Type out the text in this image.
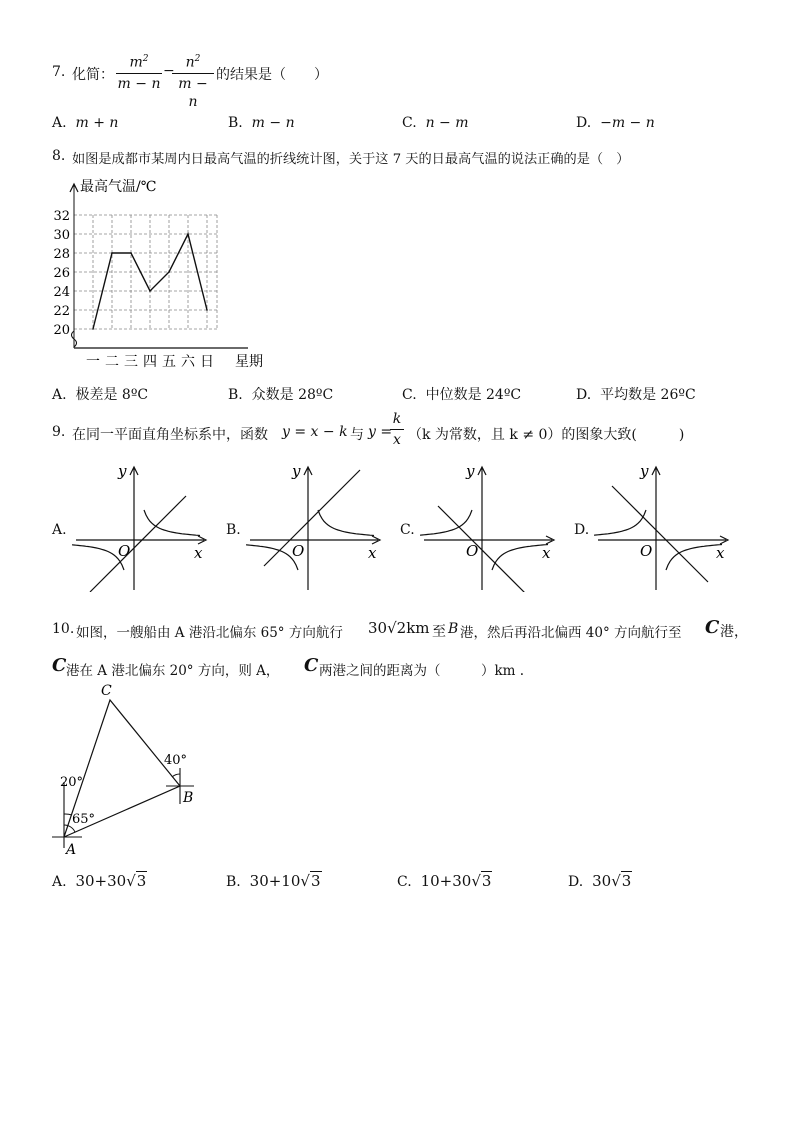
7. 化简：
$m^2$
m − n
−
$n^2$
m − n
的结果是（　　）
A. m + n	B. m − n	C. n − m	D. −m − n
8. 如图是成都市某周内日最高气温的折线统计图，关于这 7 天的日最高气温的说法正确的是（　）
20
22
24
26
28
30
32
一 二 三 四 五 六 日
最高气温/℃
星期
A. 极差是 8ºC	B. 众数是 28ºC	C. 中位数是 24ºC	D. 平均数是 26ºC
9. 在同一平面直角坐标系中，函数 y = x − k 与 y =
k
x （k 为常数，且 k ≠ 0）的图象大致(　　　)
A.
x
y
O
B.
x
y
O
C.
x
y
O
D.
x
y
O
10. 如图，一艘船由 A 港沿北偏东 65° 方向航行 30√2km 至 B 港，然后再沿北偏西 40° 方向航行至 C 港，
C 港在 A 港北偏东 20° 方向，则 A， C 两港之间的距离为（　　　）km .
C
B
A
20°
65°
40°
A. 30+30√3	B. 30+10√3	C. 10+30√3	D. 30√3
